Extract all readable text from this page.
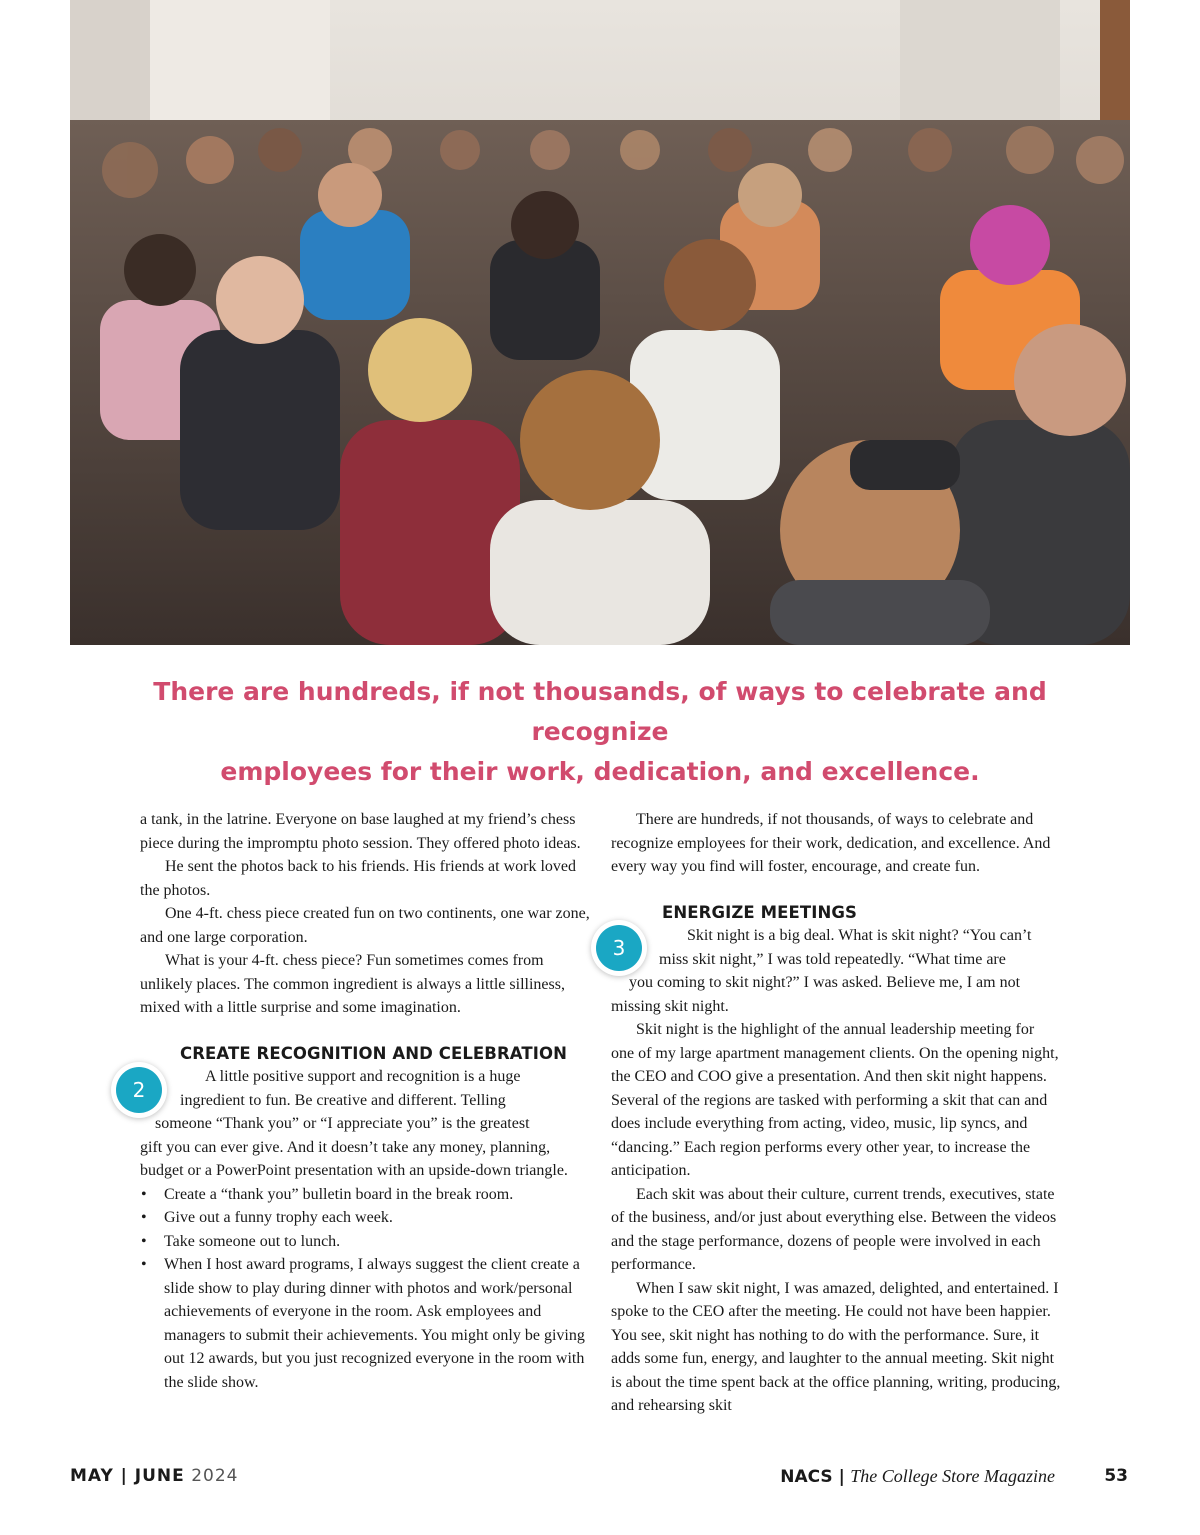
There are hundreds, if not thousands, of ways to celebrate and recognize
employees for their work, dedication, and excellence.

a tank, in the latrine. Everyone on base laughed at my friend’s chess piece during the impromptu photo session. They offered photo ideas.

He sent the photos back to his friends. His friends at work loved the photos.

One 4-ft. chess piece created fun on two continents, one war zone, and one large corporation.

What is your 4-ft. chess piece? Fun sometimes comes from unlikely places. The common ingredient is always a little silliness, mixed with a little surprise and some imagination.

CREATE RECOGNITION AND CELEBRATION

A little positive support and recognition is a huge

ingredient to fun. Be creative and different. Telling

someone “Thank you” or “I appreciate you” is the greatest

gift you can ever give. And it doesn’t take any money, planning, budget or a PowerPoint presentation with an upside-down triangle.

• Create a “thank you” bulletin board in the break room.
• Give out a funny trophy each week.
• Take someone out to lunch.
• When I host award programs, I always suggest the client create a slide show to play during dinner with photos and work/personal achievements of everyone in the room. Ask employees and managers to submit their achievements. You might only be giving out 12 awards, but you just recognized everyone in the room with the slide show.
2

There are hundreds, if not thousands, of ways to celebrate and recognize employees for their work, dedication, and excellence. And every way you find will foster, encourage, and create fun.

ENERGIZE MEETINGS

Skit night is a big deal. What is skit night? “You can’t

miss skit night,” I was told repeatedly. “What time are

you coming to skit night?” I was asked. Believe me, I am not

missing skit night.

Skit night is the highlight of the annual leadership meeting for one of my large apartment management clients. On the opening night, the CEO and COO give a presentation. And then skit night happens. Several of the regions are tasked with performing a skit that can and does include everything from acting, video, music, lip syncs, and “dancing.” Each region performs every other year, to increase the anticipation.

Each skit was about their culture, current trends, executives, state of the business, and/or just about everything else. Between the videos and the stage performance, dozens of people were involved in each performance.

When I saw skit night, I was amazed, delighted, and entertained. I spoke to the CEO after the meeting. He could not have been happier. You see, skit night has nothing to do with the performance. Sure, it adds some fun, energy, and laughter to the annual meeting. Skit night is about the time spent back at the office planning, writing, producing, and rehearsing skit

3
MAY | JUNE 2024	NACS | The College Store Magazine	53
